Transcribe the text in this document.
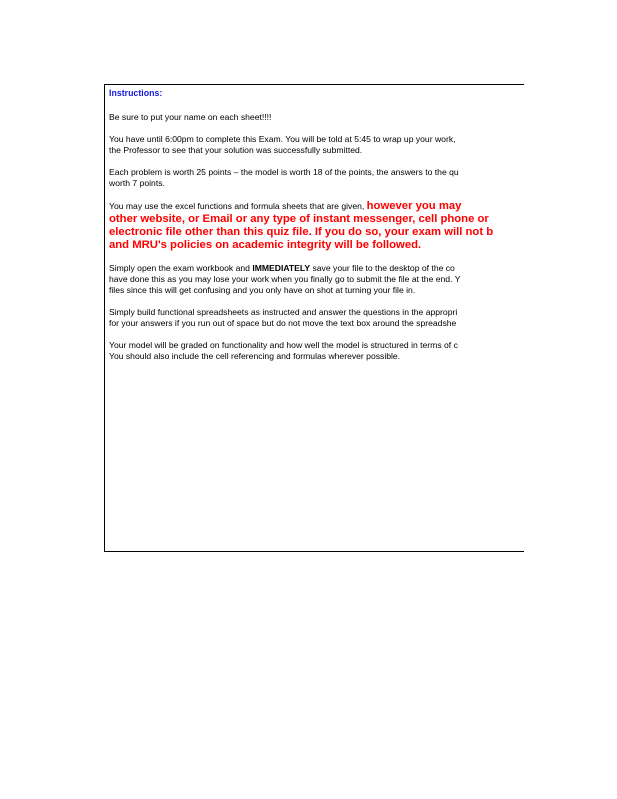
Instructions:
Be sure to put your name on each sheet!!!!
You have until 6:00pm to complete this Exam. You will be told at 5:45 to wrap up your work,
the Professor to see that your solution was successfully submitted.
Each problem is worth 25 points – the model is worth 18 of the points, the answers to the qu
worth 7 points.
You may use the excel functions and formula sheets that are given, however you may
other website, or Email or any type of instant messenger, cell phone or
electronic file other than this quiz file. If you do so, your exam will not b
and MRU's policies on academic integrity will be followed.
Simply open the exam workbook and IMMEDIATELY save your file to the desktop of the co
have done this as you may lose your work when you finally go to submit the file at the end. Y
files since this will get confusing and you only have on shot at turning your file in.
Simply build functional spreadsheets as instructed and answer the questions in the appropri
for your answers if you run out of space but do not move the text box around the spreadshe
Your model will be graded on functionality and how well the model is structured in terms of c
You should also include the cell referencing and formulas wherever possible.
